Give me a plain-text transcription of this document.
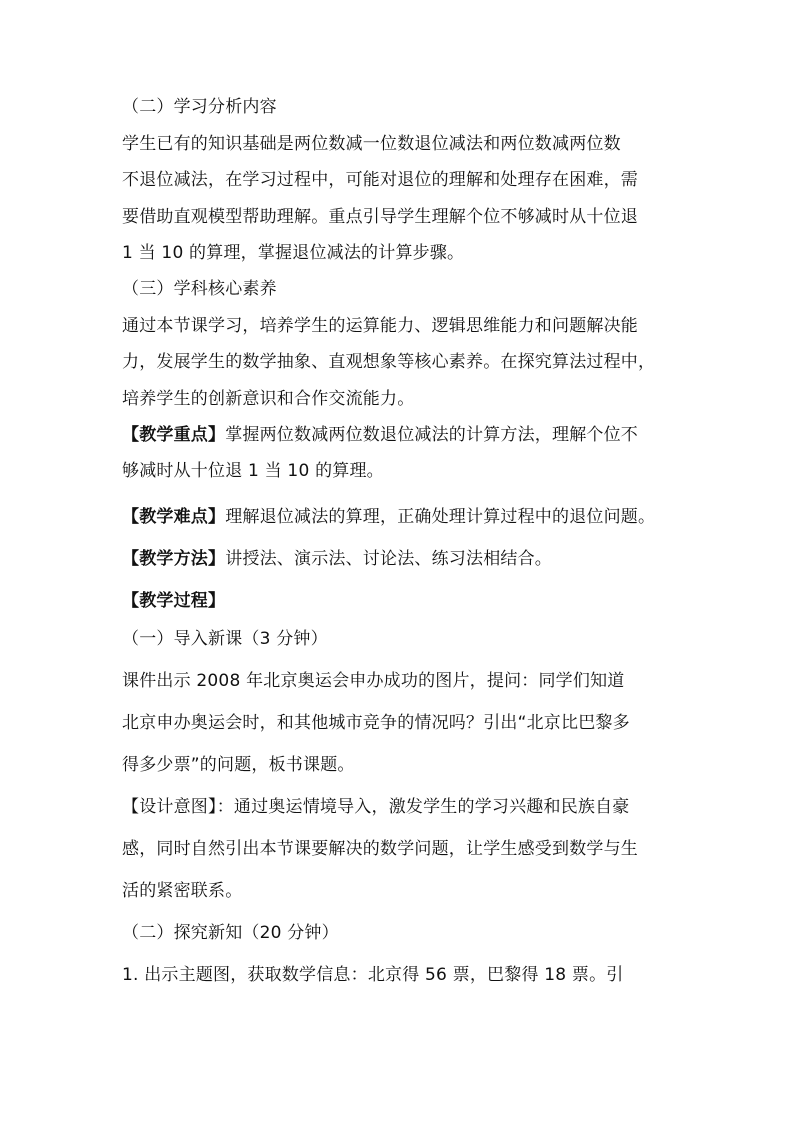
（二）学习分析内容
学生已有的知识基础是两位数减一位数退位减法和两位数减两位数
不退位减法，在学习过程中，可能对退位的理解和处理存在困难，需
要借助直观模型帮助理解。重点引导学生理解个位不够减时从十位退
1 当 10 的算理，掌握退位减法的计算步骤。
（三）学科核心素养
通过本节课学习，培养学生的运算能力、逻辑思维能力和问题解决能
力，发展学生的数学抽象、直观想象等核心素养。在探究算法过程中，
培养学生的创新意识和合作交流能力。
【教学重点】掌握两位数减两位数退位减法的计算方法，理解个位不
够减时从十位退 1 当 10 的算理。
【教学难点】理解退位减法的算理，正确处理计算过程中的退位问题。
【教学方法】讲授法、演示法、讨论法、练习法相结合。
【教学过程】
（一）导入新课（3 分钟）
课件出示 2008 年北京奥运会申办成功的图片，提问：同学们知道
北京申办奥运会时，和其他城市竞争的情况吗？引出“北京比巴黎多
得多少票”的问题，板书课题。
【设计意图】：通过奥运情境导入，激发学生的学习兴趣和民族自豪
感，同时自然引出本节课要解决的数学问题，让学生感受到数学与生
活的紧密联系。
（二）探究新知（20 分钟）
1. 出示主题图，获取数学信息：北京得 56 票，巴黎得 18 票。引
